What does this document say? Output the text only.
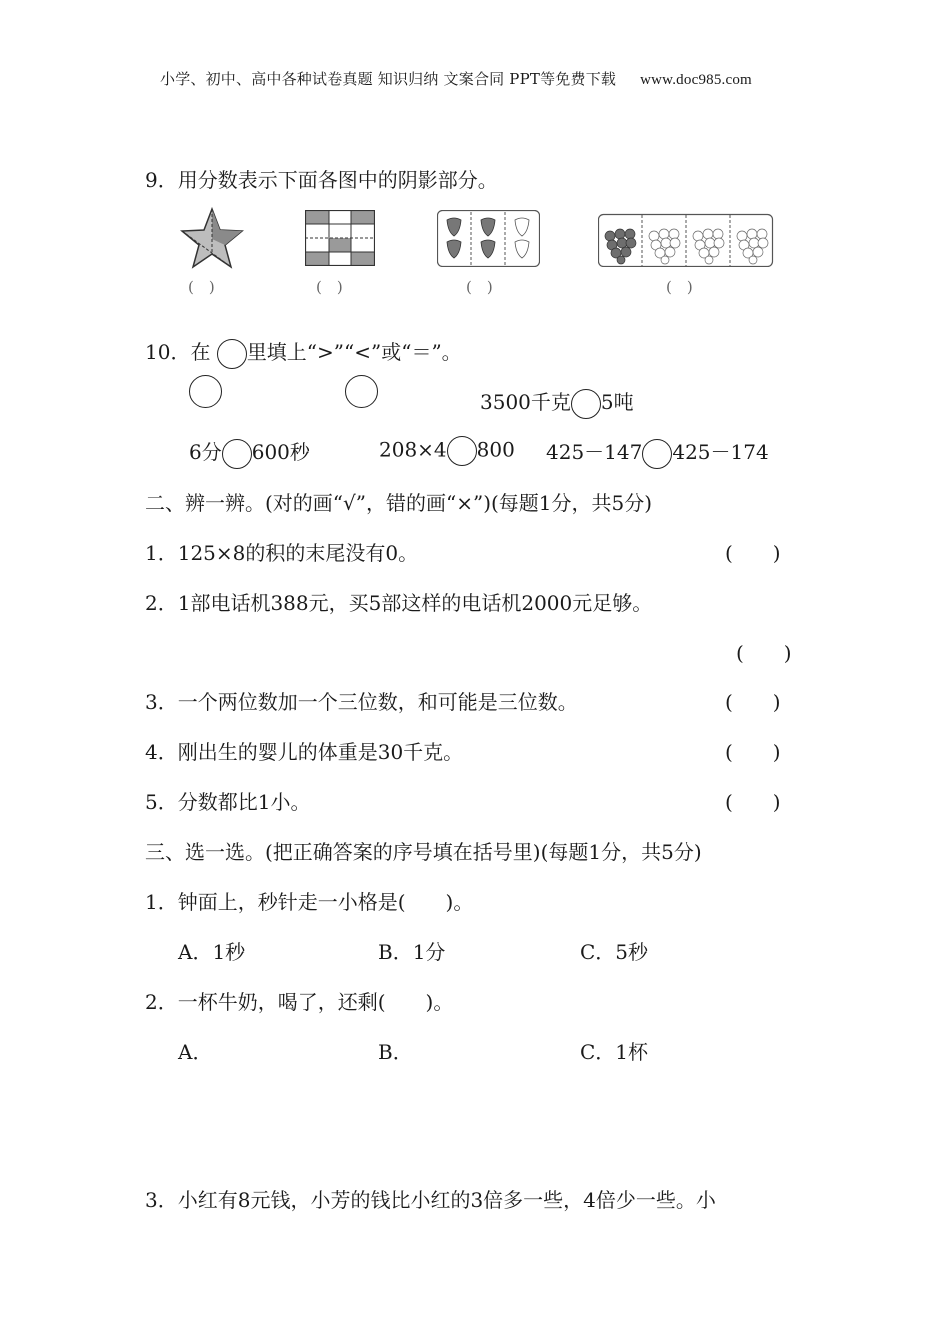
小学、初中、高中各种试卷真题 知识归纳 文案合同 PPT等免费下载 www.doc985.com
9．用分数表示下面各图中的阴影部分。
(　)	(　)	(　)	(　)
10．在 里填上“>”“<”或“＝”。
3500千克 5吨
6分 600秒	208×4 800 425－147 425－174
二、辨一辨。(对的画“√”，错的画“×”)(每题1分，共5分)
1．125×8的积的末尾没有0。	(　　)
2．1部电话机388元，买5部这样的电话机2000元足够。
(　　)
3．一个两位数加一个三位数，和可能是三位数。	(　　)
4．刚出生的婴儿的体重是30千克。	(　　)
5．分数都比1小。	(　　)
三、选一选。(把正确答案的序号填在括号里)(每题1分，共5分)
1．钟面上，秒针走一小格是(　　)。
A．1秒	B．1分	C．5秒
2．一杯牛奶，喝了，还剩(　　)。
A．	B．	C．1杯
3．小红有8元钱，小芳的钱比小红的3倍多一些，4倍少一些。小
